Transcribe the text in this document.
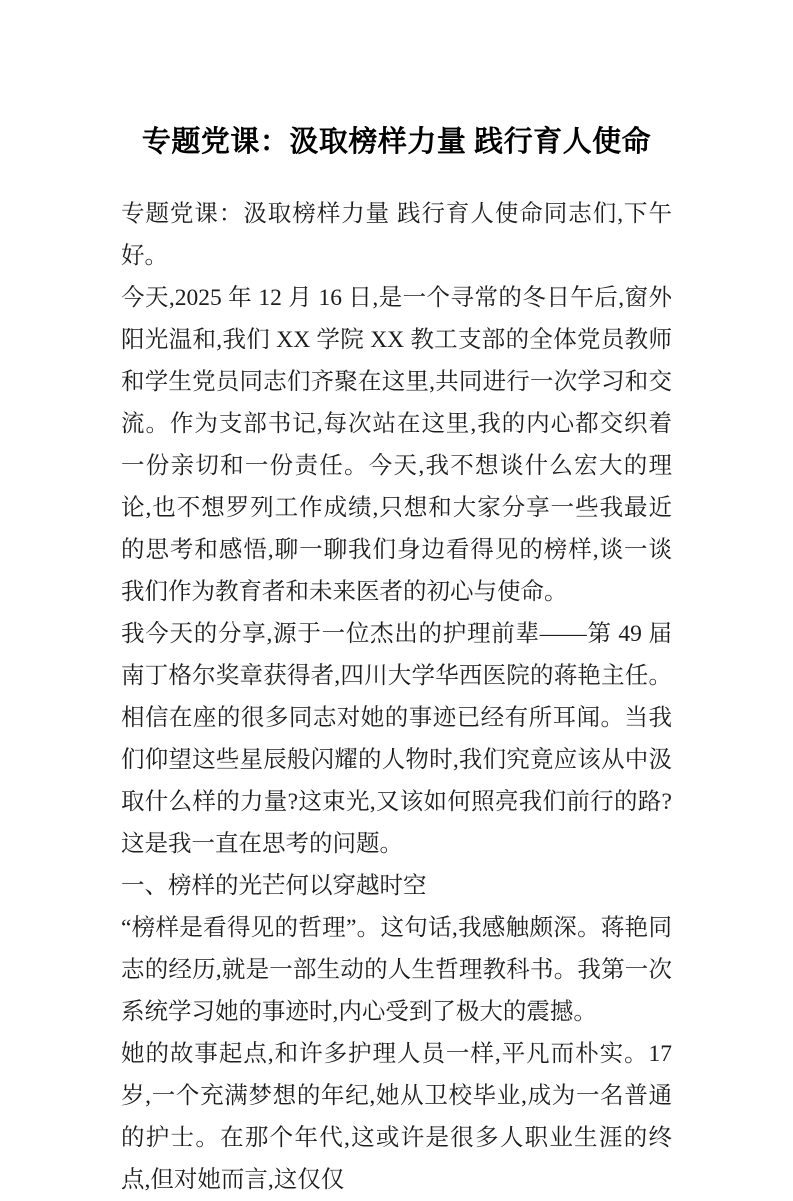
专题党课：汲取榜样力量 践行育人使命

专题党课：汲取榜样力量 践行育人使命同志们,下午好。

今天,2025 年 12 月 16 日,是一个寻常的冬日午后,窗外阳光温和,我们 XX 学院 XX 教工支部的全体党员教师和学生党员同志们齐聚在这里,共同进行一次学习和交流。作为支部书记,每次站在这里,我的内心都交织着一份亲切和一份责任。今天,我不想谈什么宏大的理论,也不想罗列工作成绩,只想和大家分享一些我最近的思考和感悟,聊一聊我们身边看得见的榜样,谈一谈我们作为教育者和未来医者的初心与使命。

我今天的分享,源于一位杰出的护理前辈——第 49 届南丁格尔奖章获得者,四川大学华西医院的蒋艳主任。相信在座的很多同志对她的事迹已经有所耳闻。当我们仰望这些星辰般闪耀的人物时,我们究竟应该从中汲取什么样的力量?这束光,又该如何照亮我们前行的路?这是我一直在思考的问题。

一、榜样的光芒何以穿越时空

“榜样是看得见的哲理”。这句话,我感触颇深。蒋艳同志的经历,就是一部生动的人生哲理教科书。我第一次系统学习她的事迹时,内心受到了极大的震撼。

她的故事起点,和许多护理人员一样,平凡而朴实。17 岁,一个充满梦想的年纪,她从卫校毕业,成为一名普通的护士。在那个年代,这或许是很多人职业生涯的终点,但对她而言,这仅仅
